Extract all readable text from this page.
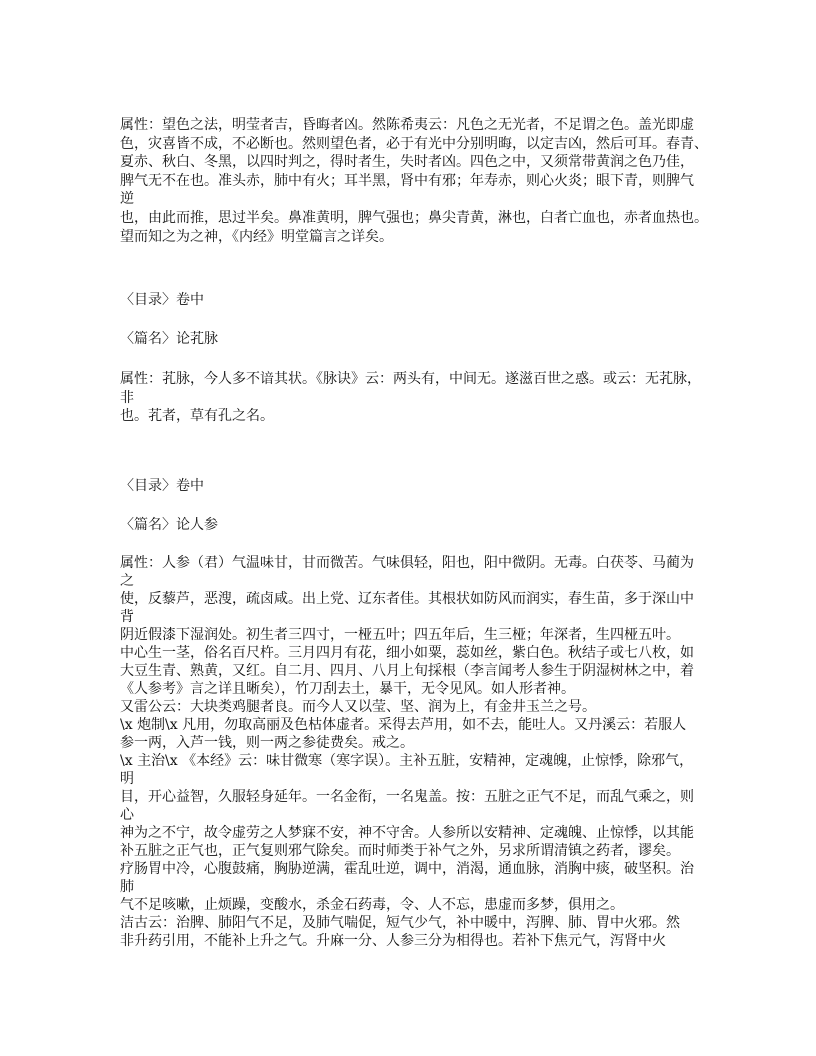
属性：望色之法，明莹者吉，昏晦者凶。然陈希夷云：凡色之无光者，不足谓之色。盖光即虚
色，灾喜皆不成，不必断也。然则望色者，必于有光中分别明晦，以定吉凶，然后可耳。春青、
夏赤、秋白、冬黑，以四时判之，得时者生，失时者凶。四色之中，又须常带黄润之色乃佳，
脾气无不在也。准头赤，肺中有火；耳半黑，肾中有邪；年寿赤，则心火炎；眼下青，则脾气
逆
也，由此而推，思过半矣。鼻准黄明，脾气强也；鼻尖青黄，淋也，白者亡血也，赤者血热也。
望而知之为之神，《内经》明堂篇言之详矣。
〈目录〉卷中
〈篇名〉论芤脉
属性：芤脉，今人多不谙其状。《脉诀》云：两头有，中间无。遂滋百世之惑。或云：无芤脉，
非
也。芤者，草有孔之名。
〈目录〉卷中
〈篇名〉论人参
属性：人参（君）气温味甘，甘而微苦。气味俱轻，阳也，阳中微阴。无毒。白茯苓、马蔺为
之
使，反藜芦，恶溲，疏卤咸。出上党、辽东者佳。其根状如防风而润实，春生苗，多于深山中
背
阴近假漆下湿润处。初生者三四寸，一桠五叶；四五年后，生三桠；年深者，生四桠五叶。
中心生一茎，俗名百尺杵。三月四月有花，细小如粟，蕊如丝，紫白色。秋结子或七八枚，如
大豆生青、熟黄，又红。自二月、四月、八月上旬採根（李言闻考人参生于阴湿树林之中，着
《人参考》言之详且晰矣），竹刀刮去土，暴干，无令见风。如人形者神。
又雷公云：大块类鸡腿者良。而今人又以莹、坚、润为上，有金井玉兰之号。
\x 炮制\x 凡用，勿取高丽及色枯体虚者。采得去芦用，如不去，能吐人。又丹溪云：若服人
参一两，入芦一钱，则一两之参徒费矣。戒之。
\x 主治\x 《本经》云：味甘微寒（寒字误）。主补五脏，安精神，定魂魄，止惊悸，除邪气，
明
目，开心益智，久服轻身延年。一名金衔，一名鬼盖。按：五脏之正气不足，而乱气乘之，则
心
神为之不宁，故令虚劳之人梦寐不安，神不守舍。人参所以安精神、定魂魄、止惊悸，以其能
补五脏之正气也，正气复则邪气除矣。而时师类于补气之外，另求所谓清镇之药者，谬矣。
疗肠胃中冷，心腹鼓痛，胸胁逆满，霍乱吐逆，调中，消渴，通血脉，消胸中痰，破坚积。治
肺
气不足咳嗽，止烦躁，变酸水，杀金石药毒，令、人不忘，患虚而多梦，俱用之。
洁古云：治脾、肺阳气不足，及肺气喘促，短气少气，补中暖中，泻脾、肺、胃中火邪。然
非升药引用，不能补上升之气。升麻一分、人参三分为相得也。若补下焦元气，泻肾中火
